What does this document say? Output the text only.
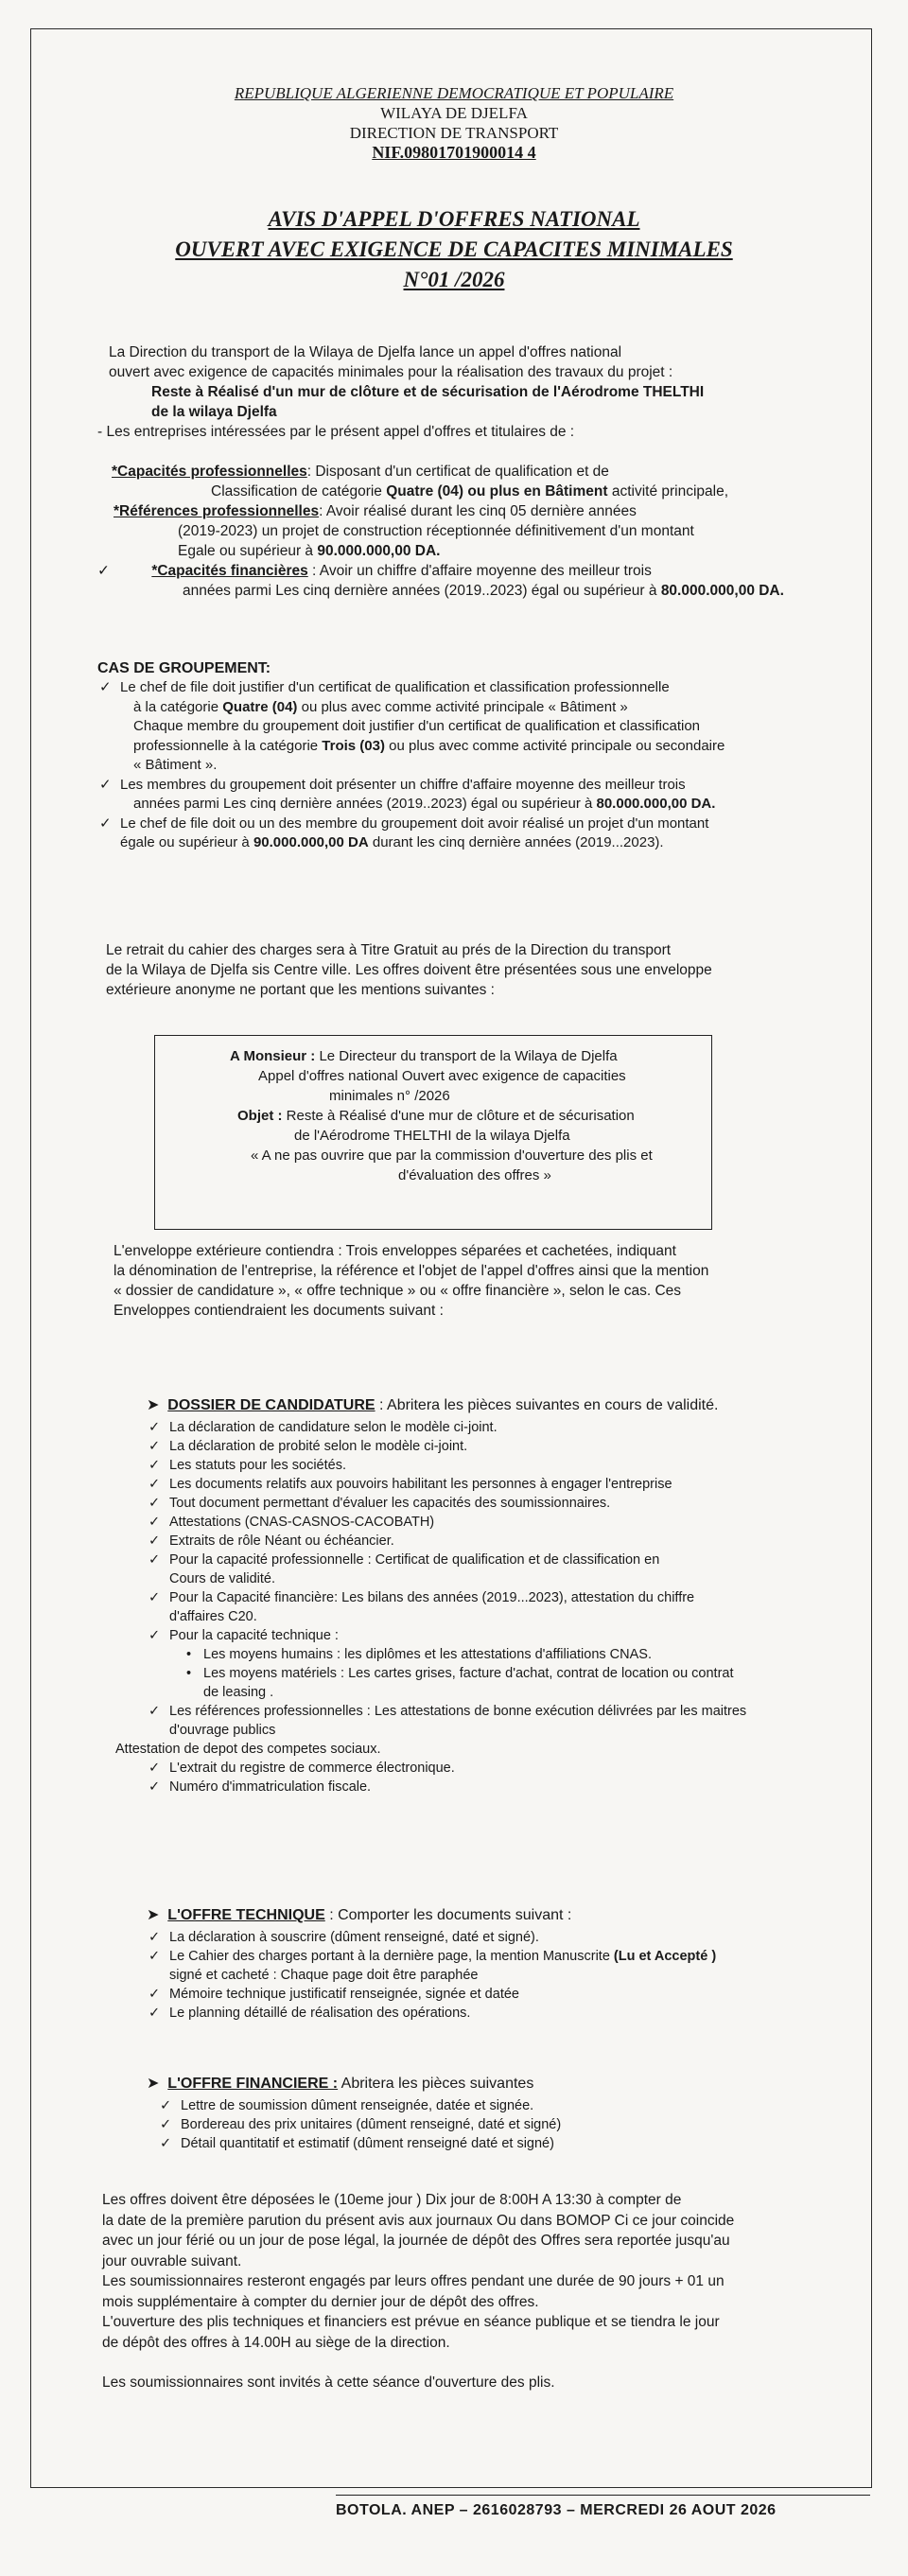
REPUBLIQUE ALGERIENNE DEMOCRATIQUE ET POPULAIRE
WILAYA DE DJELFA
DIRECTION DE TRANSPORT
NIF.09801701900014 4
AVIS D'APPEL D'OFFRES NATIONAL
OUVERT AVEC EXIGENCE DE CAPACITES MINIMALES
N°01 /2026
La Direction du transport de la Wilaya de Djelfa lance un appel d'offres national
ouvert avec exigence de capacités minimales pour la réalisation des travaux du projet :
Reste à Réalisé d'un mur de clôture et de sécurisation de l'Aérodrome THELTHI
de la wilaya Djelfa
- Les entreprises intéressées par le présent appel d'offres et titulaires de :
*Capacités professionnelles: Disposant d'un certificat de qualification et de
Classification de catégorie Quatre (04) ou plus en Bâtiment activité principale,
*Références professionnelles: Avoir réalisé durant les cinq 05 dernière années
(2019-2023) un projet de construction réceptionnée définitivement d'un montant
Egale ou supérieur à 90.000.000,00 DA.
✓	*Capacités financières : Avoir un chiffre d'affaire moyenne des meilleur trois
années parmi Les cinq dernière années (2019..2023) égal ou supérieur à 80.000.000,00 DA.
CAS DE GROUPEMENT:
✓ Le chef de file doit justifier d'un certificat de qualification et classification professionnelle
à la catégorie Quatre (04) ou plus avec comme activité principale « Bâtiment »
Chaque membre du groupement doit justifier d'un certificat de qualification et classification
professionnelle à la catégorie Trois (03) ou plus avec comme activité principale ou secondaire
« Bâtiment ».
✓ Les membres du groupement doit présenter un chiffre d'affaire moyenne des meilleur trois
années parmi Les cinq dernière années (2019..2023) égal ou supérieur à 80.000.000,00 DA.
✓ Le chef de file doit ou un des membre du groupement doit avoir réalisé un projet d'un montant
égale ou supérieur à 90.000.000,00 DA durant les cinq dernière années (2019...2023).
Le retrait du cahier des charges sera à Titre Gratuit au prés de la Direction du transport
de la Wilaya de Djelfa sis Centre ville. Les offres doivent être présentées sous une enveloppe
extérieure anonyme ne portant que les mentions suivantes :
A Monsieur : Le Directeur du transport de la Wilaya de Djelfa
Appel d'offres national Ouvert avec exigence de capacities
minimales n° /2026
Objet : Reste à Réalisé d'une mur de clôture et de sécurisation
de l'Aérodrome THELTHI de la wilaya Djelfa
« A ne pas ouvrire que par la commission d'ouverture des plis et
d'évaluation des offres »
L'enveloppe extérieure contiendra : Trois enveloppes séparées et cachetées, indiquant
la dénomination de l'entreprise, la référence et l'objet de l'appel d'offres ainsi que la mention
« dossier de candidature », « offre technique » ou « offre financière », selon le cas. Ces
Enveloppes contiendraient les documents suivant :
➤ DOSSIER DE CANDIDATURE : Abritera les pièces suivantes en cours de validité.
✓ La déclaration de candidature selon le modèle ci-joint.
✓ La déclaration de probité selon le modèle ci-joint.
✓ Les statuts pour les sociétés.
✓ Les documents relatifs aux pouvoirs habilitant les personnes à engager l'entreprise
✓ Tout document permettant d'évaluer les capacités des soumissionnaires.
✓ Attestations (CNAS-CASNOS-CACOBATH)
✓ Extraits de rôle Néant ou échéancier.
✓ Pour la capacité professionnelle : Certificat de qualification et de classification en
Cours de validité.
✓ Pour la Capacité financière: Les bilans des années (2019...2023), attestation du chiffre
d'affaires C20.
✓ Pour la capacité technique :
• Les moyens humains : les diplômes et les attestations d'affiliations CNAS.
• Les moyens matériels : Les cartes grises, facture d'achat, contrat de location ou contrat
de leasing .
✓ Les références professionnelles : Les attestations de bonne exécution délivrées par les maitres
d'ouvrage publics
Attestation de depot des competes sociaux.
✓ L'extrait du registre de commerce électronique.
✓ Numéro d'immatriculation fiscale.
➤ L'OFFRE TECHNIQUE : Comporter les documents suivant :
✓ La déclaration à souscrire (dûment renseigné, daté et signé).
✓ Le Cahier des charges portant à la dernière page, la mention Manuscrite (Lu et Accepté )
signé et cacheté : Chaque page doit être paraphée
✓ Mémoire technique justificatif renseignée, signée et datée
✓ Le planning détaillé de réalisation des opérations.
➤ L'OFFRE FINANCIERE : Abritera les pièces suivantes
✓ Lettre de soumission dûment renseignée, datée et signée.
✓ Bordereau des prix unitaires (dûment renseigné, daté et signé)
✓ Détail quantitatif et estimatif (dûment renseigné daté et signé)
Les offres doivent être déposées le (10eme jour ) Dix jour de 8:00H A 13:30 à compter de
la date de la première parution du présent avis aux journaux Ou dans BOMOP Ci ce jour coincide
avec un jour férié ou un jour de pose légal, la journée de dépôt des Offres sera reportée jusqu'au
jour ouvrable suivant.
Les soumissionnaires resteront engagés par leurs offres pendant une durée de 90 jours + 01 un
mois supplémentaire à compter du dernier jour de dépôt des offres.
L'ouverture des plis techniques et financiers est prévue en séance publique et se tiendra le jour
de dépôt des offres à 14.00H au siège de la direction.
Les soumissionnaires sont invités à cette séance d'ouverture des plis.
BOTOLA. ANEP – 2616028793 – MERCREDI 26 AOUT 2026
